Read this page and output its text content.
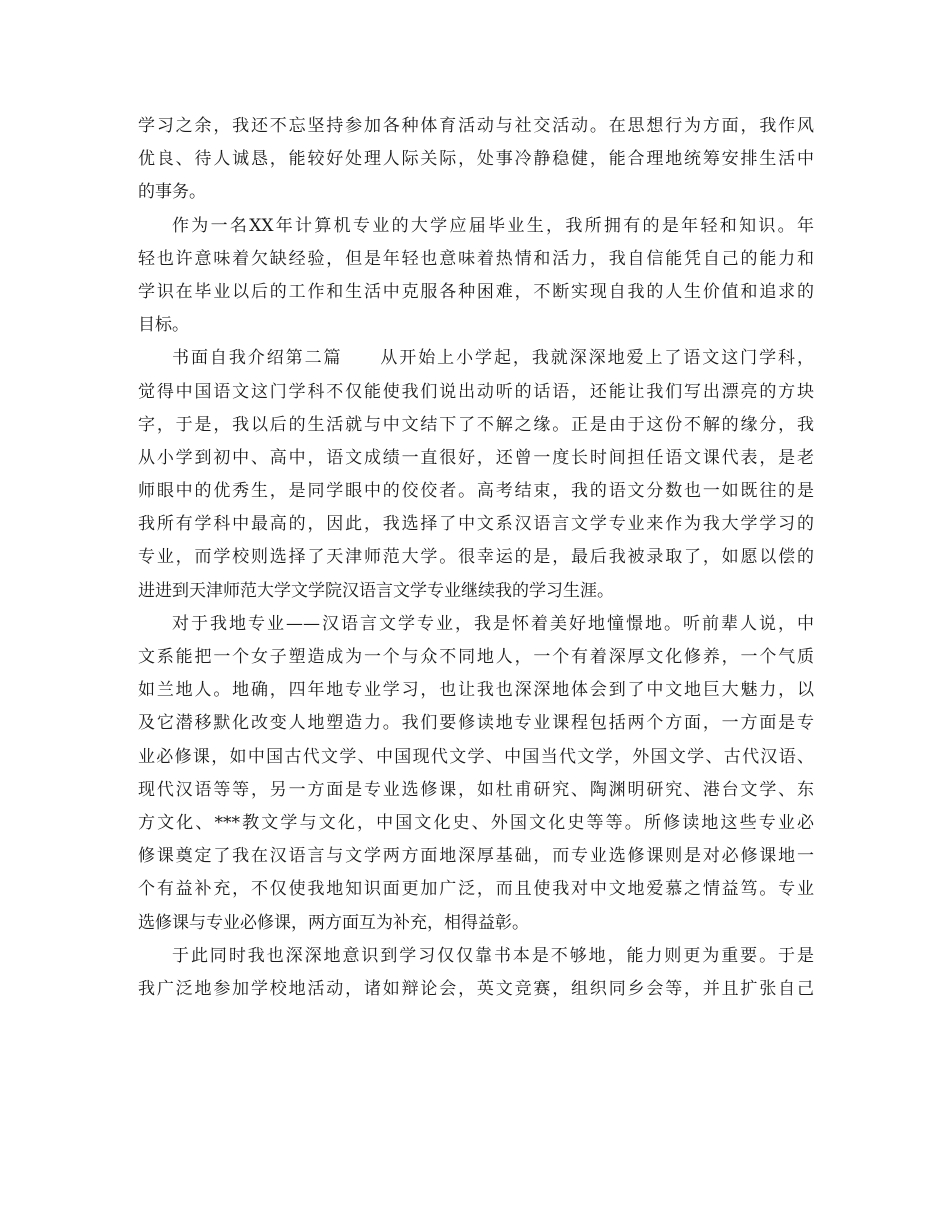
学习之余，我还不忘坚持参加各种体育活动与社交活动。在思想行为方面，我作风
优良、待人诚恳，能较好处理人际关际，处事冷静稳健，能合理地统筹安排生活中
的事务。
作为一名XX年计算机专业的大学应届毕业生，我所拥有的是年轻和知识。年
轻也许意味着欠缺经验，但是年轻也意味着热情和活力，我自信能凭自己的能力和
学识在毕业以后的工作和生活中克服各种困难，不断实现自我的人生价值和追求的
目标。
书面自我介绍第二篇　　从开始上小学起，我就深深地爱上了语文这门学科，
觉得中国语文这门学科不仅能使我们说出动听的话语，还能让我们写出漂亮的方块
字，于是，我以后的生活就与中文结下了不解之缘。正是由于这份不解的缘分，我
从小学到初中、高中，语文成绩一直很好，还曾一度长时间担任语文课代表，是老
师眼中的优秀生，是同学眼中的佼佼者。高考结束，我的语文分数也一如既往的是
我所有学科中最高的，因此，我选择了中文系汉语言文学专业来作为我大学学习的
专业，而学校则选择了天津师范大学。很幸运的是，最后我被录取了，如愿以偿的
进进到天津师范大学文学院汉语言文学专业继续我的学习生涯。
对于我地专业——汉语言文学专业，我是怀着美好地憧憬地。听前辈人说，中
文系能把一个女子塑造成为一个与众不同地人，一个有着深厚文化修养，一个气质
如兰地人。地确，四年地专业学习，也让我也深深地体会到了中文地巨大魅力，以
及它潜移默化改变人地塑造力。我们要修读地专业课程包括两个方面，一方面是专
业必修课，如中国古代文学、中国现代文学、中国当代文学，外国文学、古代汉语、
现代汉语等等，另一方面是专业选修课，如杜甫研究、陶渊明研究、港台文学、东
方文化、***教文学与文化，中国文化史、外国文化史等等。所修读地这些专业必
修课奠定了我在汉语言与文学两方面地深厚基础，而专业选修课则是对必修课地一
个有益补充，不仅使我地知识面更加广泛，而且使我对中文地爱慕之情益笃。专业
选修课与专业必修课，两方面互为补充，相得益彰。
于此同时我也深深地意识到学习仅仅靠书本是不够地，能力则更为重要。于是
我广泛地参加学校地活动，诸如辩论会，英文竞赛，组织同乡会等，并且扩张自己
